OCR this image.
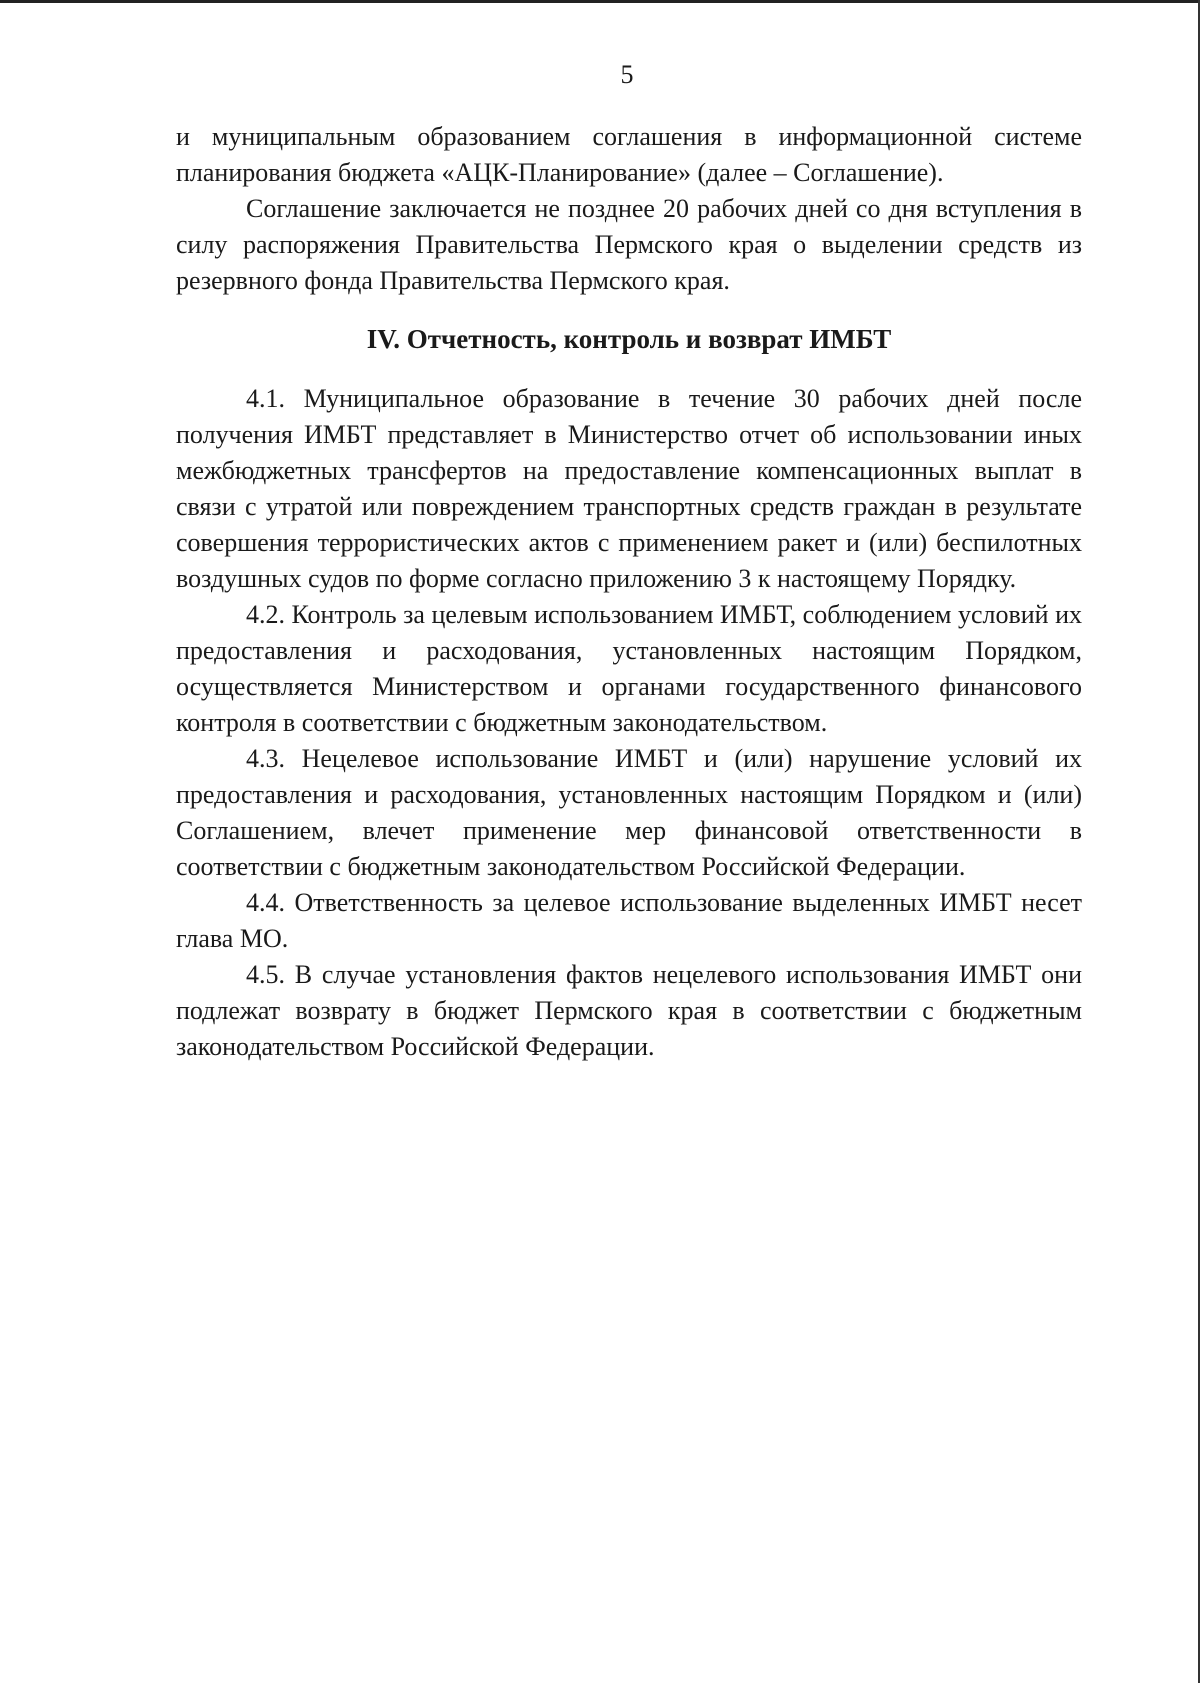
5

и муниципальным образованием соглашения в информационной системе планирования бюджета «АЦК-Планирование» (далее – Соглашение).

Соглашение заключается не позднее 20 рабочих дней со дня вступления в силу распоряжения Правительства Пермского края о выделении средств из резервного фонда Правительства Пермского края.

IV. Отчетность, контроль и возврат ИМБТ

4.1. Муниципальное образование в течение 30 рабочих дней после получения ИМБТ представляет в Министерство отчет об использовании иных межбюджетных трансфертов на предоставление компенсационных выплат в связи с утратой или повреждением транспортных средств граждан в результате совершения террористических актов с применением ракет и (или) беспилотных воздушных судов по форме согласно приложению 3 к настоящему Порядку.

4.2. Контроль за целевым использованием ИМБТ, соблюдением условий их предоставления и расходования, установленных настоящим Порядком, осуществляется Министерством и органами государственного финансового контроля в соответствии с бюджетным законодательством.

4.3. Нецелевое использование ИМБТ и (или) нарушение условий их предоставления и расходования, установленных настоящим Порядком и (или) Соглашением, влечет применение мер финансовой ответственности в соответствии с бюджетным законодательством Российской Федерации.

4.4. Ответственность за целевое использование выделенных ИМБТ несет глава МО.

4.5. В случае установления фактов нецелевого использования ИМБТ они подлежат возврату в бюджет Пермского края в соответствии с бюджетным законодательством Российской Федерации.
